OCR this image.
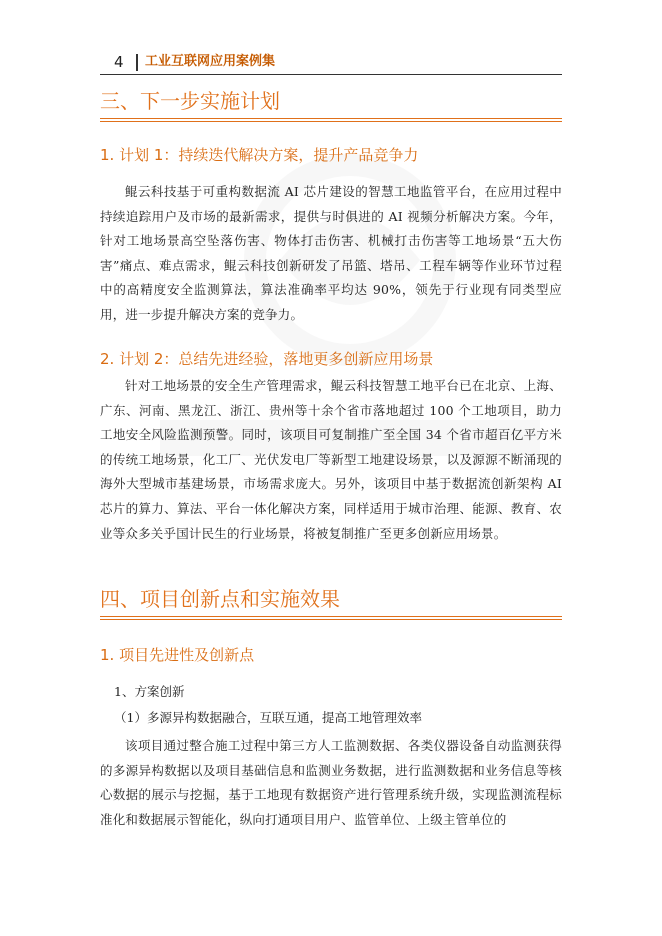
4 工业互联网应用案例集
三、下一步实施计划
1. 计划 1：持续迭代解决方案，提升产品竞争力

鲲云科技基于可重构数据流 AI 芯片建设的智慧工地监管平台，在应用过程中持续追踪用户及市场的最新需求，提供与时俱进的 AI 视频分析解决方案。今年，针对工地场景高空坠落伤害、物体打击伤害、机械打击伤害等工地场景“五大伤害”痛点、难点需求，鲲云科技创新研发了吊篮、塔吊、工程车辆等作业环节过程中的高精度安全监测算法，算法准确率平均达 90%，领先于行业现有同类型应用，进一步提升解决方案的竞争力。

2. 计划 2：总结先进经验，落地更多创新应用场景

针对工地场景的安全生产管理需求，鲲云科技智慧工地平台已在北京、上海、广东、河南、黑龙江、浙江、贵州等十余个省市落地超过 100 个工地项目，助力工地安全风险监测预警。同时，该项目可复制推广至全国 34 个省市超百亿平方米的传统工地场景，化工厂、光伏发电厂等新型工地建设场景，以及源源不断涌现的海外大型城市基建场景，市场需求庞大。另外，该项目中基于数据流创新架构 AI 芯片的算力、算法、平台一体化解决方案，同样适用于城市治理、能源、教育、农业等众多关乎国计民生的行业场景，将被复制推广至更多创新应用场景。

四、项目创新点和实施效果
1. 项目先进性及创新点
1、方案创新
（1）多源异构数据融合，互联互通，提高工地管理效率

该项目通过整合施工过程中第三方人工监测数据、各类仪器设备自动监测获得的多源异构数据以及项目基础信息和监测业务数据，进行监测数据和业务信息等核心数据的展示与挖掘，基于工地现有数据资产进行管理系统升级，实现监测流程标准化和数据展示智能化，纵向打通项目用户、监管单位、上级主管单位的
